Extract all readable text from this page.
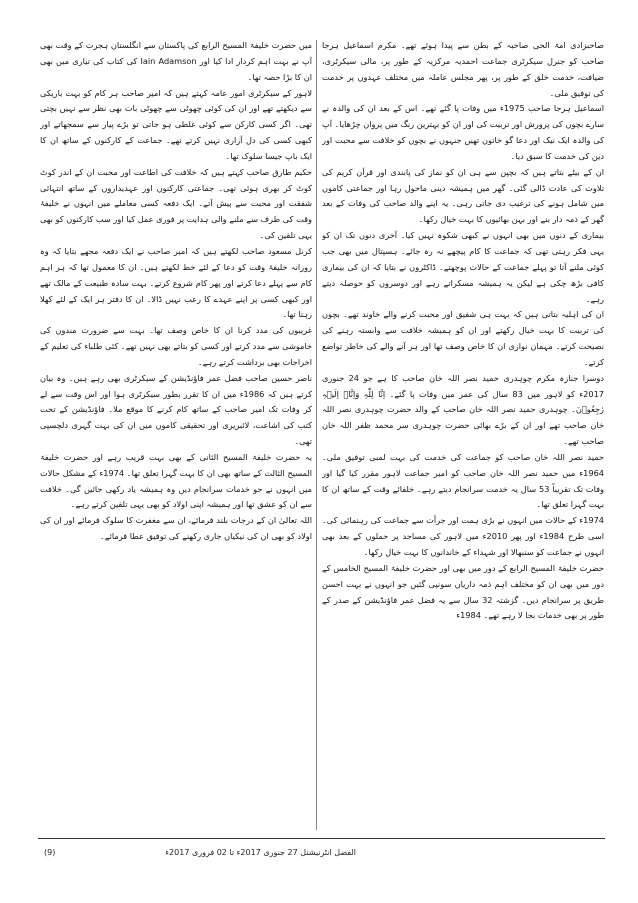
صاحبزادی امۃ الحی صاحبہ کے بطن سے پیدا ہوئے تھے۔ مکرم اسماعیل ہرجا صاحب کو جنرل سیکرٹری جماعت احمدیہ مرکزیہ کے طور پر، مالی سیکرٹری، ضیافت، خدمت خلق کے طور پر، پھر مجلس عاملہ میں مختلف عہدوں پر خدمت کی توفیق ملی۔

اسماعیل ہرجا صاحب 1975ء میں وفات پا گئے تھے۔ اس کے بعد ان کی والدہ نے سارے بچوں کی پرورش اور تربیت کی اور ان کو بہترین رنگ میں پروان چڑھایا۔ آپ کی والدہ ایک نیک اور دعا گو خاتون تھیں جنہوں نے بچوں کو خلافت سے محبت اور دین کی خدمت کا سبق دیا۔

ان کے بیٹے بتاتے ہیں کہ بچپن سے ہی ان کو نماز کی پابندی اور قرآن کریم کی تلاوت کی عادت ڈالی گئی۔ گھر میں ہمیشہ دینی ماحول رہا اور جماعتی کاموں میں شامل ہونے کی ترغیب دی جاتی رہی۔ یہ اپنے والد صاحب کی وفات کے بعد گھر کے ذمہ دار بنے اور بہن بھائیوں کا بہت خیال رکھا۔

بیماری کے دنوں میں بھی انہوں نے کبھی شکوہ نہیں کیا۔ آخری دنوں تک ان کو یہی فکر رہتی تھی کہ جماعت کا کام پیچھے نہ رہ جائے۔ ہسپتال میں بھی جب کوئی ملنے آتا تو پہلے جماعت کے حالات پوچھتے۔ ڈاکٹروں نے بتایا کہ ان کی بیماری کافی بڑھ چکی ہے لیکن یہ ہمیشہ مسکراتے رہے اور دوسروں کو حوصلہ دیتے رہے۔

ان کی اہلیہ بتاتی ہیں کہ بہت ہی شفیق اور محبت کرنے والے خاوند تھے۔ بچوں کی تربیت کا بہت خیال رکھتے اور ان کو ہمیشہ خلافت سے وابستہ رہنے کی نصیحت کرتے۔ مہمان نوازی ان کا خاص وصف تھا اور ہر آنے والے کی خاطر تواضع کرتے۔

دوسرا جنازہ مکرم چوہدری حمید نصر اللہ خان صاحب کا ہے جو 24 جنوری 2017ء کو لاہور میں 83 سال کی عمر میں وفات پا گئے۔ اِنَّا لِلّٰہِ وَاِنَّاۤ اِلَیۡہِ رٰجِعُوۡنَ۔ چوہدری حمید نصر اللہ خان صاحب کے والد حضرت چوہدری نصر اللہ خان صاحب تھے اور ان کے بڑے بھائی حضرت چوہدری سر محمد ظفر اللہ خان صاحب تھے۔

حمید نصر اللہ خان صاحب کو جماعت کی خدمت کی بہت لمبی توفیق ملی۔ 1964ء میں حمید نصر اللہ خان صاحب کو امیر جماعت لاہور مقرر کیا گیا اور وفات تک تقریباً 53 سال یہ خدمت سرانجام دیتے رہے۔ خلفائے وقت کے ساتھ ان کا بہت گہرا تعلق تھا۔

1974ء کے حالات میں انہوں نے بڑی ہمت اور جرأت سے جماعت کی رہنمائی کی۔ اسی طرح 1984ء اور پھر 2010ء میں لاہور کی مساجد پر حملوں کے بعد بھی انہوں نے جماعت کو سنبھالا اور شہداء کے خاندانوں کا بہت خیال رکھا۔

حضرت خلیفۃ المسیح الرابع کے دور میں بھی اور حضرت خلیفۃ المسیح الخامس کے دور میں بھی ان کو مختلف اہم ذمہ داریاں سونپی گئیں جو انہوں نے بہت احسن طریق پر سرانجام دیں۔ گزشتہ 32 سال سے یہ فضل عمر فاؤنڈیشن کے صدر کے طور پر بھی خدمات بجا لا رہے تھے۔ 1984ء

میں حضرت خلیفۃ المسیح الرابع کی پاکستان سے انگلستان ہجرت کے وقت بھی آپ نے بہت اہم کردار ادا کیا اور Iain Adamson کی کتاب کی تیاری میں بھی ان کا بڑا حصہ تھا۔

لاہور کے سیکرٹری امور عامہ کہتے ہیں کہ امیر صاحب ہر کام کو بہت باریکی سے دیکھتے تھے اور ان کی کوئی چھوٹی سے چھوٹی بات بھی نظر سے نہیں بچتی تھی۔ اگر کسی کارکن سے کوئی غلطی ہو جاتی تو بڑے پیار سے سمجھاتے اور کبھی کسی کی دل آزاری نہیں کرتے تھے۔ جماعت کے کارکنوں کے ساتھ ان کا ایک باپ جیسا سلوک تھا۔

حکیم طارق صاحب کہتے ہیں کہ خلافت کی اطاعت اور محبت ان کے اندر کوٹ کوٹ کر بھری ہوئی تھی۔ جماعتی کارکنوں اور عہدیداروں کے ساتھ انتہائی شفقت اور محبت سے پیش آتے۔ ایک دفعہ کسی معاملے میں انہوں نے خلیفۂ وقت کی طرف سے ملنے والی ہدایت پر فوری عمل کیا اور سب کارکنوں کو بھی یہی تلقین کی۔

کرنل مسعود صاحب لکھتے ہیں کہ امیر صاحب نے ایک دفعہ مجھے بتایا کہ وہ روزانہ خلیفۂ وقت کو دعا کے لئے خط لکھتے ہیں۔ ان کا معمول تھا کہ ہر اہم کام سے پہلے دعا کرتے اور پھر کام شروع کرتے۔ بہت سادہ طبیعت کے مالک تھے اور کبھی کسی پر اپنے عہدے کا رعب نہیں ڈالا۔ ان کا دفتر ہر ایک کے لئے کھلا رہتا تھا۔

غریبوں کی مدد کرنا ان کا خاص وصف تھا۔ بہت سے ضرورت مندوں کی خاموشی سے مدد کرتے اور کسی کو بتاتے بھی نہیں تھے۔ کئی طلباء کی تعلیم کے اخراجات بھی برداشت کرتے رہے۔

ناصر حسین صاحب فضل عمر فاؤنڈیشن کے سیکرٹری بھی رہے ہیں۔ وہ بیان کرتے ہیں کہ 1986ء میں ان کا تقرر بطور سیکرٹری ہوا اور اس وقت سے لے کر وفات تک امیر صاحب کے ساتھ کام کرنے کا موقع ملا۔ فاؤنڈیشن کے تحت کتب کی اشاعت، لائبریری اور تحقیقی کاموں میں ان کی بہت گہری دلچسپی تھی۔

یہ حضرت خلیفۃ المسیح الثانی کے بھی بہت قریب رہے اور حضرت خلیفۃ المسیح الثالث کے ساتھ بھی ان کا بہت گہرا تعلق تھا۔ 1974ء کے مشکل حالات میں انہوں نے جو خدمات سرانجام دیں وہ ہمیشہ یاد رکھی جائیں گی۔ خلافت سے ان کو عشق تھا اور ہمیشہ اپنی اولاد کو بھی یہی تلقین کرتے رہے۔

اللہ تعالیٰ ان کے درجات بلند فرمائے، ان سے مغفرت کا سلوک فرمائے اور ان کی اولاد کو بھی ان کی نیکیاں جاری رکھنے کی توفیق عطا فرمائے۔

الفضل انٹرنیشنل 27 جنوری 2017ء تا 02 فروری 2017ء
(9)
